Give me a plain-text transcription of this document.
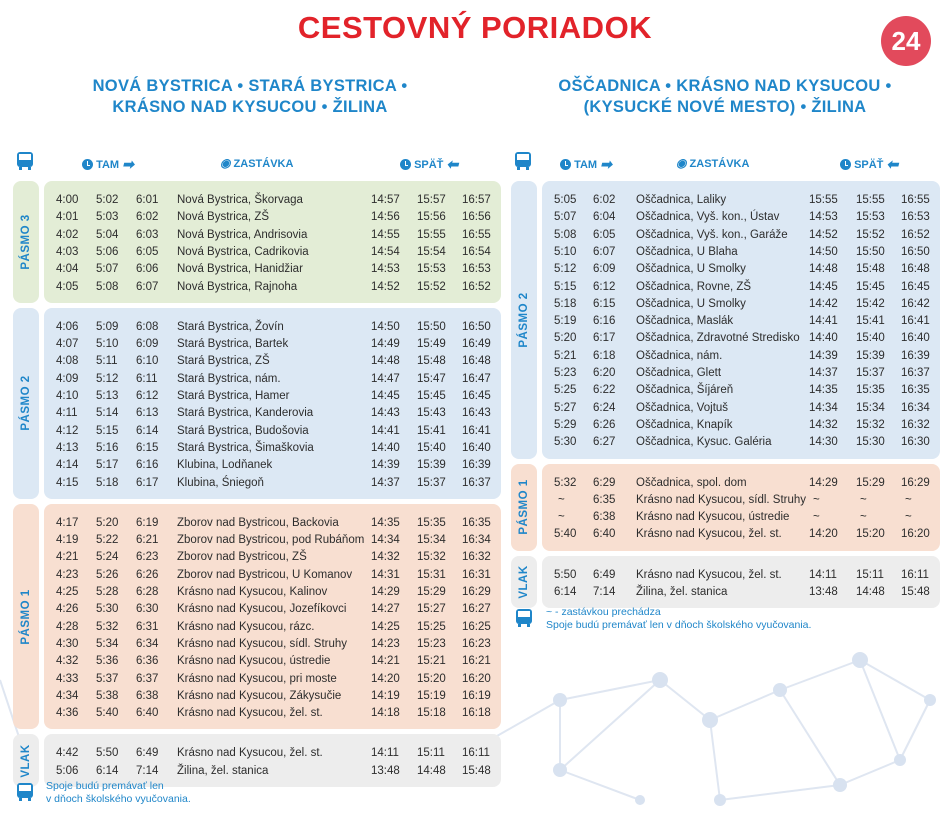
CESTOVNÝ PORIADOK	24
NOVÁ BYSTRICA • STARÁ BYSTRICA •
KRÁSNO NAD KYSUCOU • ŽILINA
OŠČADNICA • KRÁSNO NAD KYSUCOU •
(KYSUCKÉ NOVÉ MESTO) • ŽILINA
TAM ➡	◉ ZASTÁVKA	SPÄŤ ⬅	TAM ➡	◉ ZASTÁVKA	SPÄŤ ⬅
PÁSMO 3
4:00 5:02 6:01 Nová Bystrica, Škorvaga	14:57 15:57 16:57
4:01 5:03 6:02 Nová Bystrica, ZŠ	14:56 15:56 16:56
4:02 5:04 6:03 Nová Bystrica, Andrisovia	14:55 15:55 16:55
4:03 5:06 6:05 Nová Bystrica, Cadrikovia	14:54 15:54 16:54
4:04 5:07 6:06 Nová Bystrica, Hanidžiar	14:53 15:53 16:53
4:05 5:08 6:07 Nová Bystrica, Rajnoha	14:52 15:52 16:52
PÁSMO 2
4:06 5:09 6:08 Stará Bystrica, Žovín	14:50 15:50 16:50
4:07 5:10 6:09 Stará Bystrica, Bartek	14:49 15:49 16:49
4:08 5:11 6:10 Stará Bystrica, ZŠ	14:48 15:48 16:48
4:09 5:12 6:11 Stará Bystrica, nám.	14:47 15:47 16:47
4:10 5:13 6:12 Stará Bystrica, Hamer	14:45 15:45 16:45
4:11 5:14 6:13 Stará Bystrica, Kanderovia	14:43 15:43 16:43
4:12 5:15 6:14 Stará Bystrica, Budošovia	14:41 15:41 16:41
4:13 5:16 6:15 Stará Bystrica, Šimaškovia	14:40 15:40 16:40
4:14 5:17 6:16 Klubina, Lodňanek	14:39 15:39 16:39
4:15 5:18 6:17 Klubina, Śniegoň	14:37 15:37 16:37
PÁSMO 1
4:17 5:20 6:19 Zborov nad Bystricou, Backovia	14:35 15:35 16:35
4:19 5:22 6:21 Zborov nad Bystricou, pod Rubáňom 14:34 15:34 16:34
4:21 5:24 6:23 Zborov nad Bystricou, ZŠ	14:32 15:32 16:32
4:23 5:26 6:26 Zborov nad Bystricou, U Komanov 14:31 15:31 16:31
4:25 5:28 6:28 Krásno nad Kysucou, Kalinov	14:29 15:29 16:29
4:26 5:30 6:30 Krásno nad Kysucou, Jozefíkovci 14:27 15:27 16:27
4:28 5:32 6:31 Krásno nad Kysucou, rázc.	14:25 15:25 16:25
4:30 5:34 6:34 Krásno nad Kysucou, sídl. Struhy 14:23 15:23 16:23
4:32 5:36 6:36 Krásno nad Kysucou, ústredie	14:21 15:21 16:21
4:33 5:37 6:37 Krásno nad Kysucou, pri moste	14:20 15:20 16:20
4:34 5:38 6:38 Krásno nad Kysucou, Zákysučie	14:19 15:19 16:19
4:36 5:40 6:40 Krásno nad Kysucou, žel. st.	14:18 15:18 16:18
VLAK 4:42 5:50 6:49 Krásno nad Kysucou, žel. st.	14:11 15:11 16:11
5:06 6:14 7:14 Žilina, žel. stanica	13:48 14:48 15:48
PÁSMO 2
5:05 6:02 Oščadnica, Laliky	15:55 15:55 16:55
5:07 6:04 Oščadnica, Vyš. kon., Ústav	14:53 15:53 16:53
5:08 6:05 Oščadnica, Vyš. kon., Garáže 14:52 15:52 16:52
5:10 6:07 Oščadnica, U Blaha	14:50 15:50 16:50
5:12 6:09 Oščadnica, U Smolky	14:48 15:48 16:48
5:15 6:12 Oščadnica, Rovne, ZŠ	14:45 15:45 16:45
5:18 6:15 Oščadnica, U Smolky	14:42 15:42 16:42
5:19 6:16 Oščadnica, Maslák	14:41 15:41 16:41
5:20 6:17 Oščadnica, Zdravotné Stredisko 14:40 15:40 16:40
5:21 6:18 Oščadnica, nám.	14:39 15:39 16:39
5:23 6:20 Oščadnica, Glett	14:37 15:37 16:37
5:25 6:22 Oščadnica, Šíjáreň	14:35 15:35 16:35
5:27 6:24 Oščadnica, Vojtuš	14:34 15:34 16:34
5:29 6:26 Oščadnica, Knapík	14:32 15:32 16:32
5:30 6:27 Oščadnica, Kysuc. Galéria	14:30 15:30 16:30
PÁSMO 1 5:32 6:29 Oščadnica, spol. dom	14:29 15:29 16:29
~ 6:35 Krásno nad Kysucou, sídl. Struhy ~	~	~
~ 6:38 Krásno nad Kysucou, ústredie	~	~	~
5:40 6:40 Krásno nad Kysucou, žel. st. 14:20 15:20 16:20
VLAK 5:50 6:49 Krásno nad Kysucou, žel. st. 14:11 15:11 16:11
6:14 7:14 Žilina, žel. stanica	13:48 14:48 15:48
Spoje budú premávať len
v dňoch školského vyučovania.
~ - zastávkou prechádza
Spoje budú premávať len v dňoch školského vyučovania.
